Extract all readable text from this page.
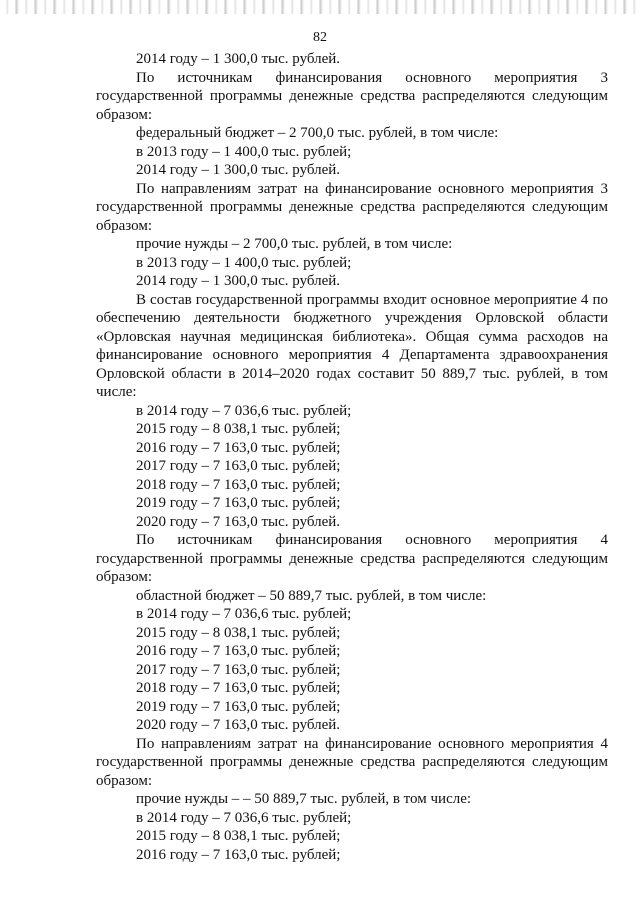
82

2014 году – 1 300,0 тыс. рублей.

По источникам финансирования основного мероприятия 3 государственной программы денежные средства распределяются следующим образом:

федеральный бюджет – 2 700,0 тыс. рублей, в том числе:

в 2013 году – 1 400,0 тыс. рублей;

2014 году – 1 300,0 тыс. рублей.

По направлениям затрат на финансирование основного мероприятия 3 государственной программы денежные средства распределяются следующим образом:

прочие нужды – 2 700,0 тыс. рублей, в том числе:

в 2013 году – 1 400,0 тыс. рублей;

2014 году – 1 300,0 тыс. рублей.

В состав государственной программы входит основное мероприятие 4 по обеспечению деятельности бюджетного учреждения Орловской области «Орловская научная медицинская библиотека». Общая сумма расходов на финансирование основного мероприятия 4 Департамента здравоохранения Орловской области в 2014–2020 годах составит 50 889,7 тыс. рублей, в том числе:

в 2014 году – 7 036,6 тыс. рублей;

2015 году – 8 038,1 тыс. рублей;

2016 году – 7 163,0 тыс. рублей;

2017 году – 7 163,0 тыс. рублей;

2018 году – 7 163,0 тыс. рублей;

2019 году – 7 163,0 тыс. рублей;

2020 году – 7 163,0 тыс. рублей.

По источникам финансирования основного мероприятия 4 государственной программы денежные средства распределяются следующим образом:

областной бюджет – 50 889,7 тыс. рублей, в том числе:

в 2014 году – 7 036,6 тыс. рублей;

2015 году – 8 038,1 тыс. рублей;

2016 году – 7 163,0 тыс. рублей;

2017 году – 7 163,0 тыс. рублей;

2018 году – 7 163,0 тыс. рублей;

2019 году – 7 163,0 тыс. рублей;

2020 году – 7 163,0 тыс. рублей.

По направлениям затрат на финансирование основного мероприятия 4 государственной программы денежные средства распределяются следующим образом:

прочие нужды – – 50 889,7 тыс. рублей, в том числе:

в 2014 году – 7 036,6 тыс. рублей;

2015 году – 8 038,1 тыс. рублей;

2016 году – 7 163,0 тыс. рублей;
